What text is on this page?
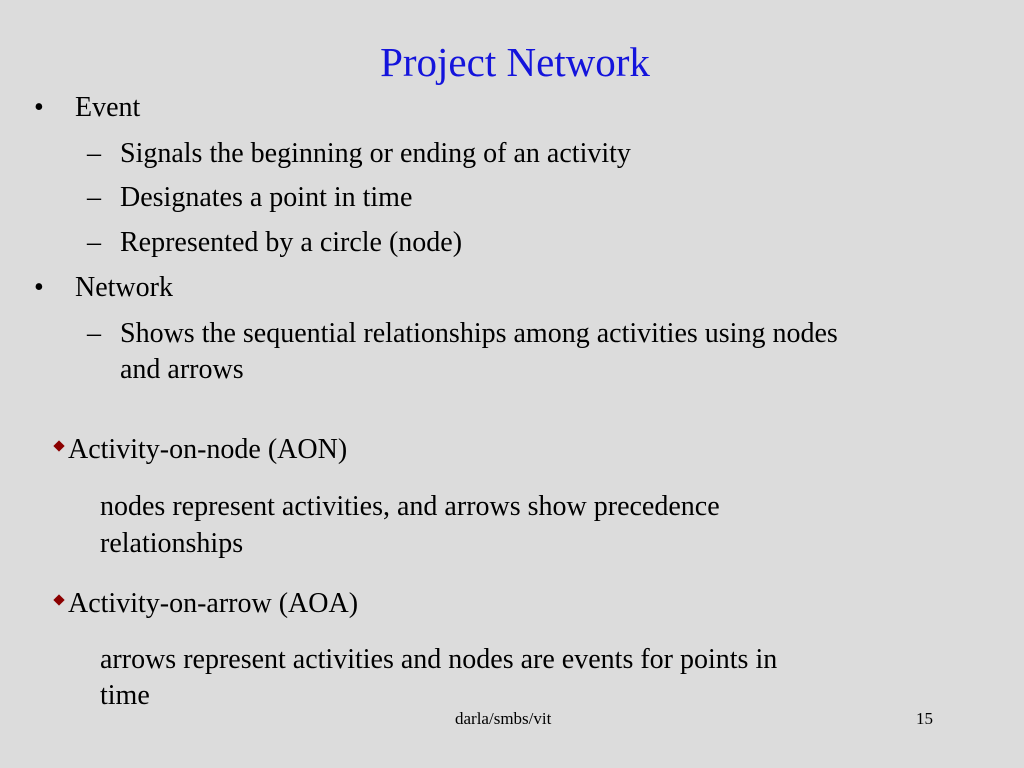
Project Network
• Event
– Signals the beginning or ending of an activity
– Designates a point in time
– Represented by a circle (node)
• Network
– Shows the sequential relationships among activities using nodes
and arrows
Activity-on-node (AON)
nodes represent activities, and arrows show precedence
relationships
Activity-on-arrow (AOA)
arrows represent activities and nodes are events for points in
time
darla/smbs/vit	15
